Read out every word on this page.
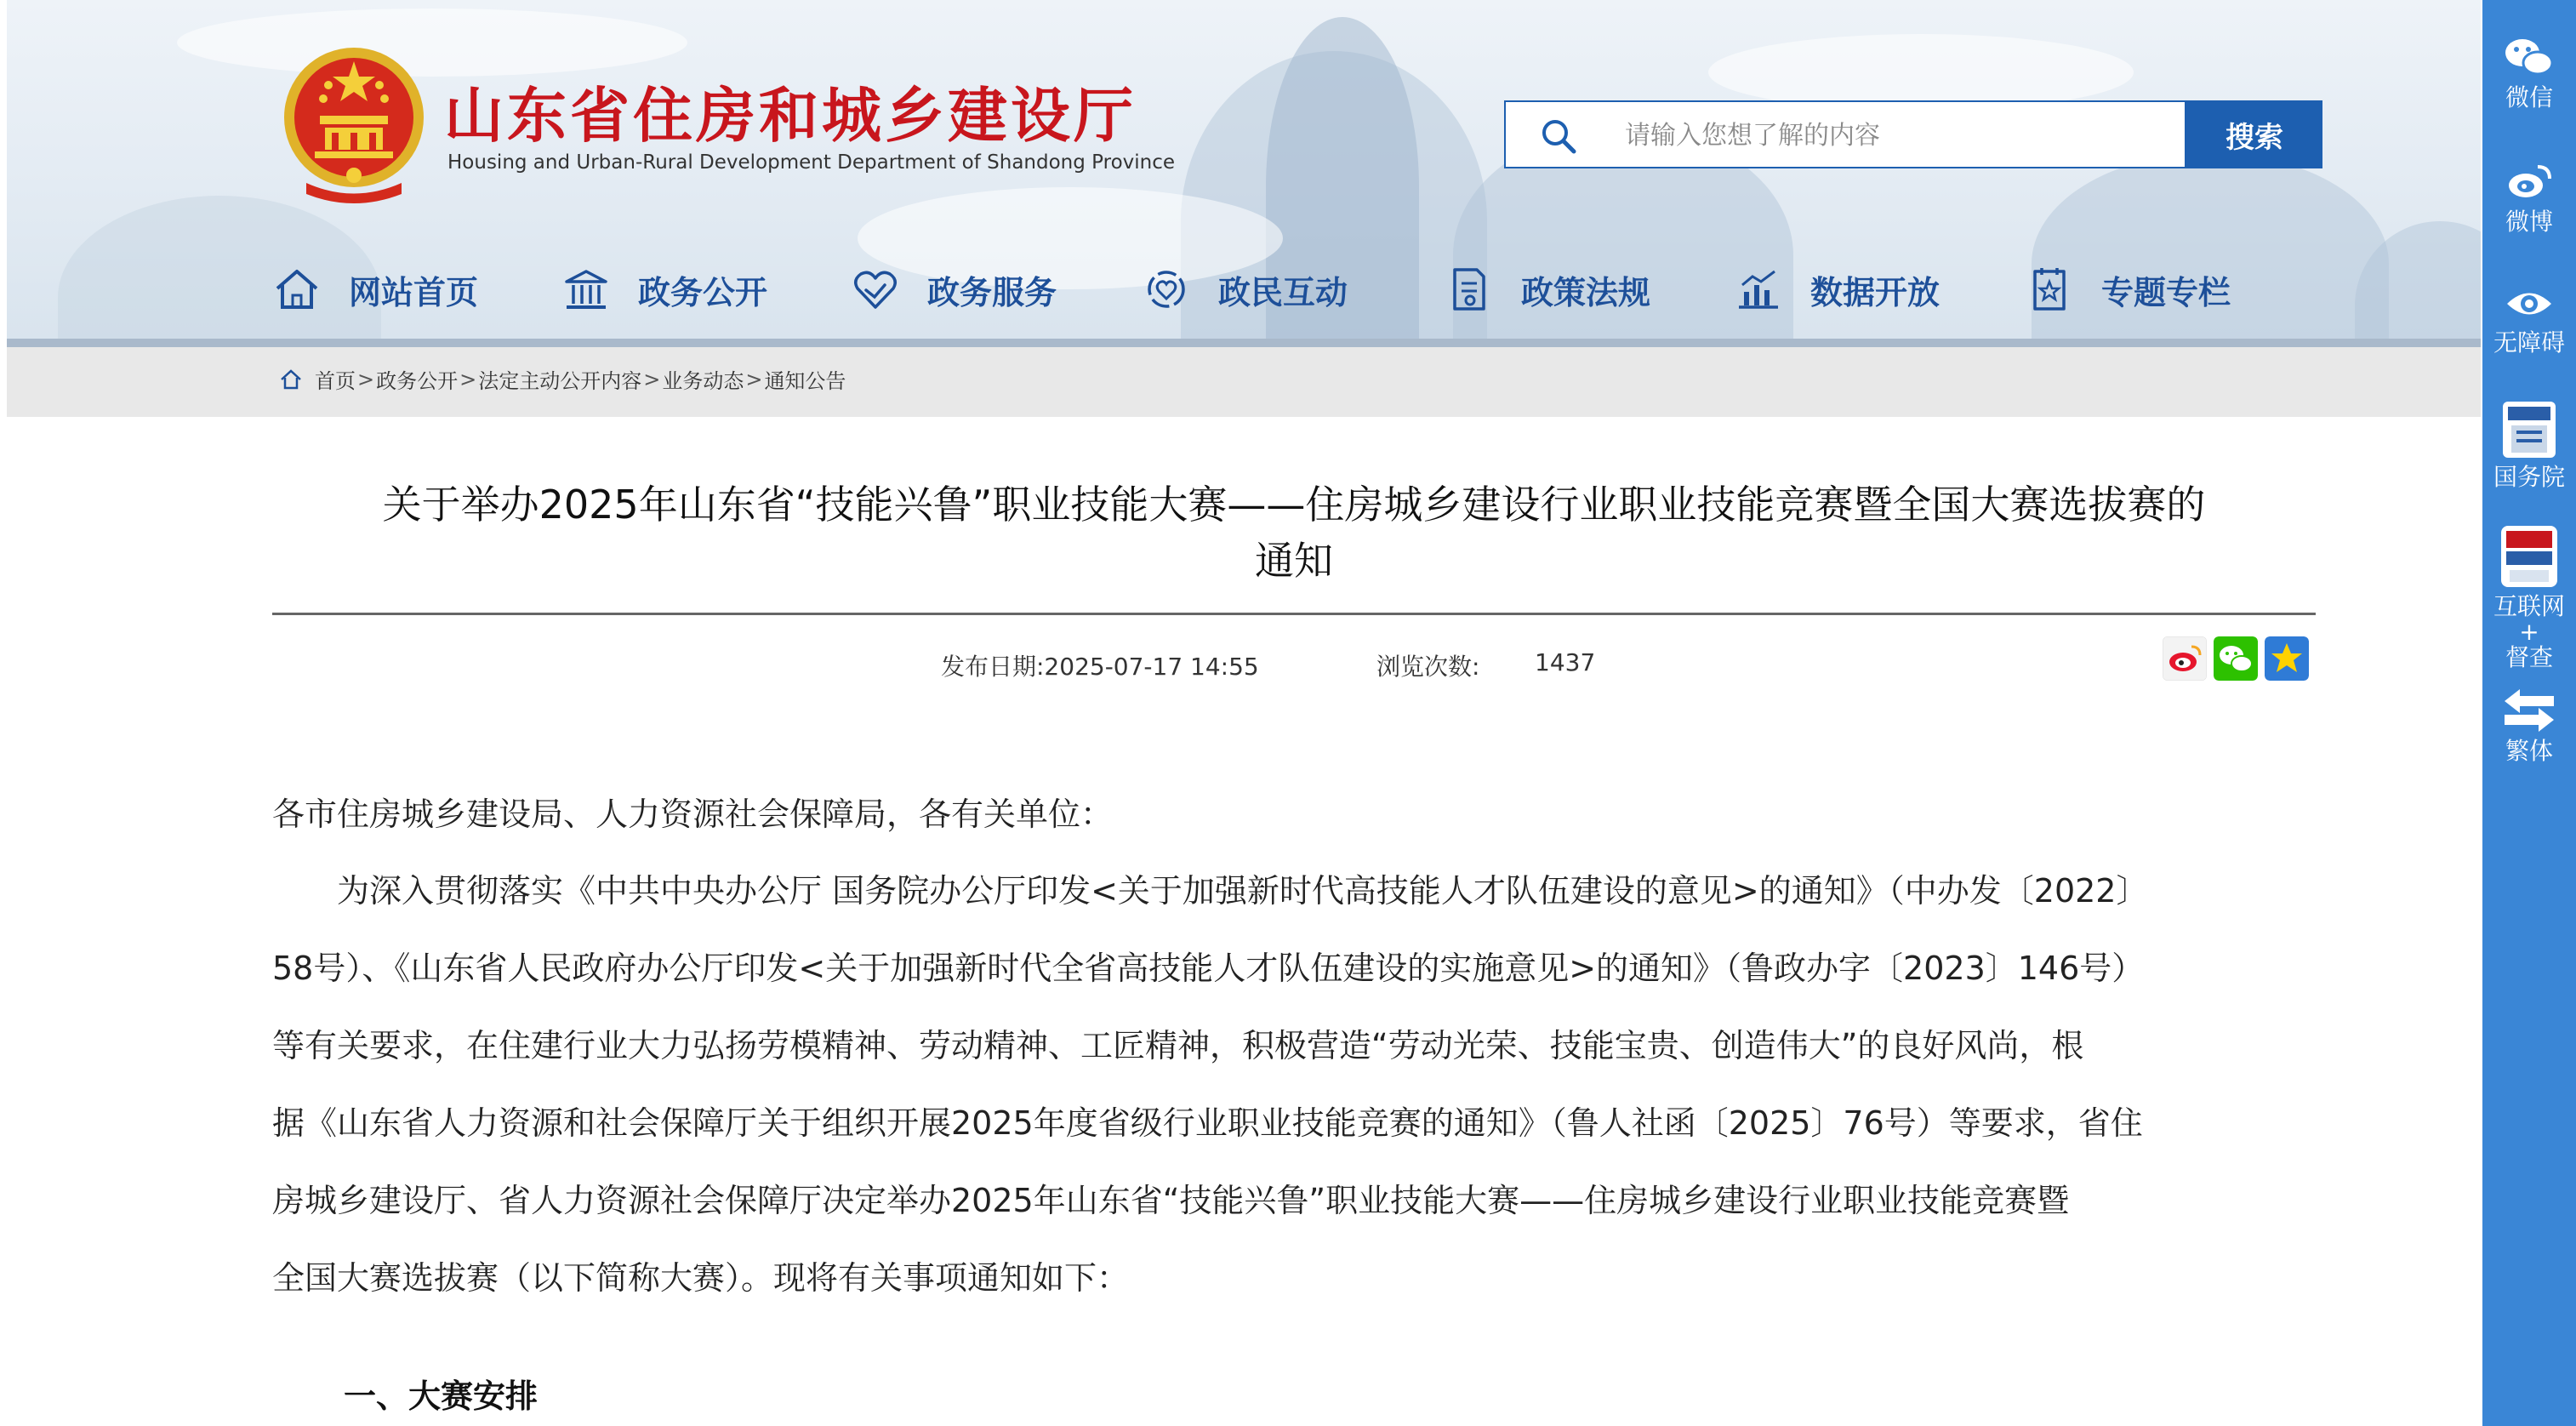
山东省住房和城乡建设厅
Housing and Urban-Rural Development Department of Shandong Province
请输入您想了解的内容
搜索
网站首页	政务公开	政务服务	政民互动	政策法规	数据开放	专题专栏
首页 > 政务公开 > 法定主动公开内容 > 业务动态 > 通知公告
关于举办2025年山东省“技能兴鲁”职业技能大赛——住房城乡建设行业职业技能竞赛暨全国大赛选拔赛的
通知
发布日期:2025-07-17 14:55	浏览次数: 1437
各市住房城乡建设局、人力资源社会保障局，各有关单位：
　　为深入贯彻落实《中共中央办公厅 国务院办公厅印发<关于加强新时代高技能人才队伍建设的意见>的通知》（中办发〔2022〕
58号）、《山东省人民政府办公厅印发<关于加强新时代全省高技能人才队伍建设的实施意见>的通知》（鲁政办字〔2023〕146号）
等有关要求，在住建行业大力弘扬劳模精神、劳动精神、工匠精神，积极营造“劳动光荣、技能宝贵、创造伟大”的良好风尚，根
据《山东省人力资源和社会保障厅关于组织开展2025年度省级行业职业技能竞赛的通知》（鲁人社函〔2025〕76号）等要求，省住
房城乡建设厅、省人力资源社会保障厅决定举办2025年山东省“技能兴鲁”职业技能大赛——住房城乡建设行业职业技能竞赛暨
全国大赛选拔赛（以下简称大赛）。现将有关事项通知如下：
一、大赛安排
微信
微博
无障碍
国务院
互联网
+
督查
繁体
